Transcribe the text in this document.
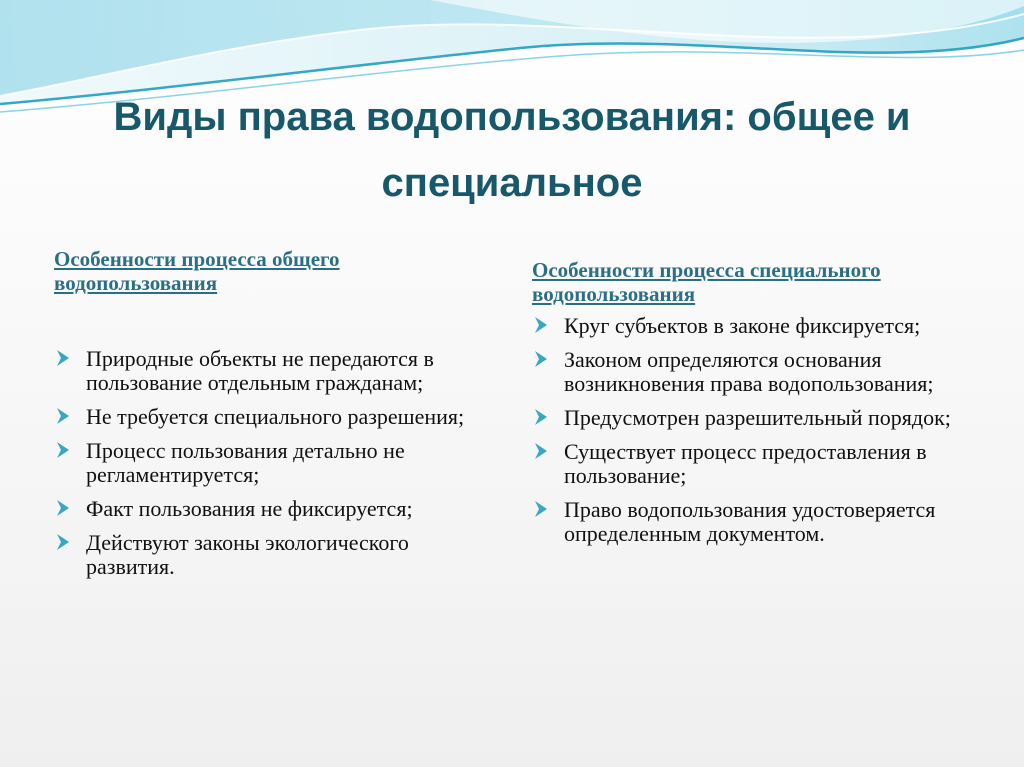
Виды права водопользования: общее и специальное
Особенности процесса общего водопользования
Природные объекты не передаются в пользование отдельным гражданам;
Не требуется специального разрешения;
Процесс пользования детально не регламентируется;
Факт пользования не фиксируется;
Действуют законы экологического развития.
Особенности процесса специального водопользования
Круг субъектов в законе фиксируется;
Законом определяются основания возникновения права водопользования;
Предусмотрен разрешительный порядок;
Существует процесс предоставления в пользование;
Право водопользования удостоверяется определенным документом.
